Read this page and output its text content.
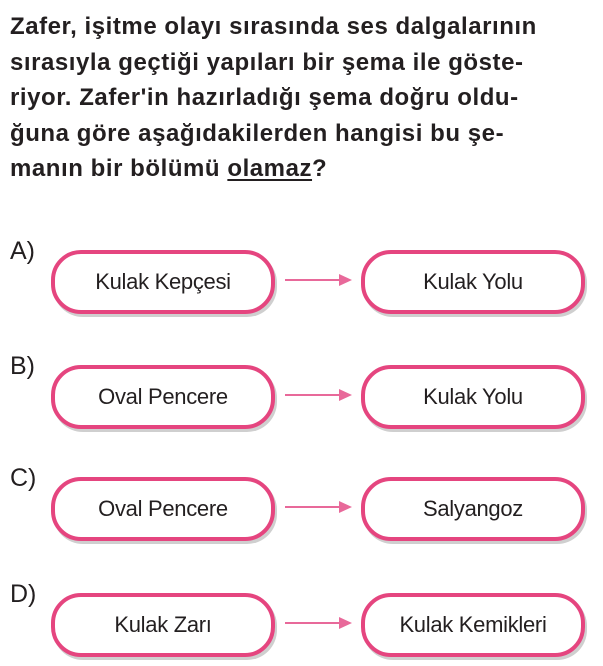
Zafer, işitme olayı sırasında ses dalgalarının
sırasıyla geçtiği yapıları bir şema ile göste-
riyor. Zafer'in hazırladığı şema doğru oldu-
ğuna göre aşağıdakilerden hangisi bu şe-
manın bir bölümü olamaz?

A)
Kulak Kepçesi	Kulak Yolu
B)
Oval Pencere	Kulak Yolu
C)
Oval Pencere	Salyangoz
D)
Kulak Zarı	Kulak Kemikleri
